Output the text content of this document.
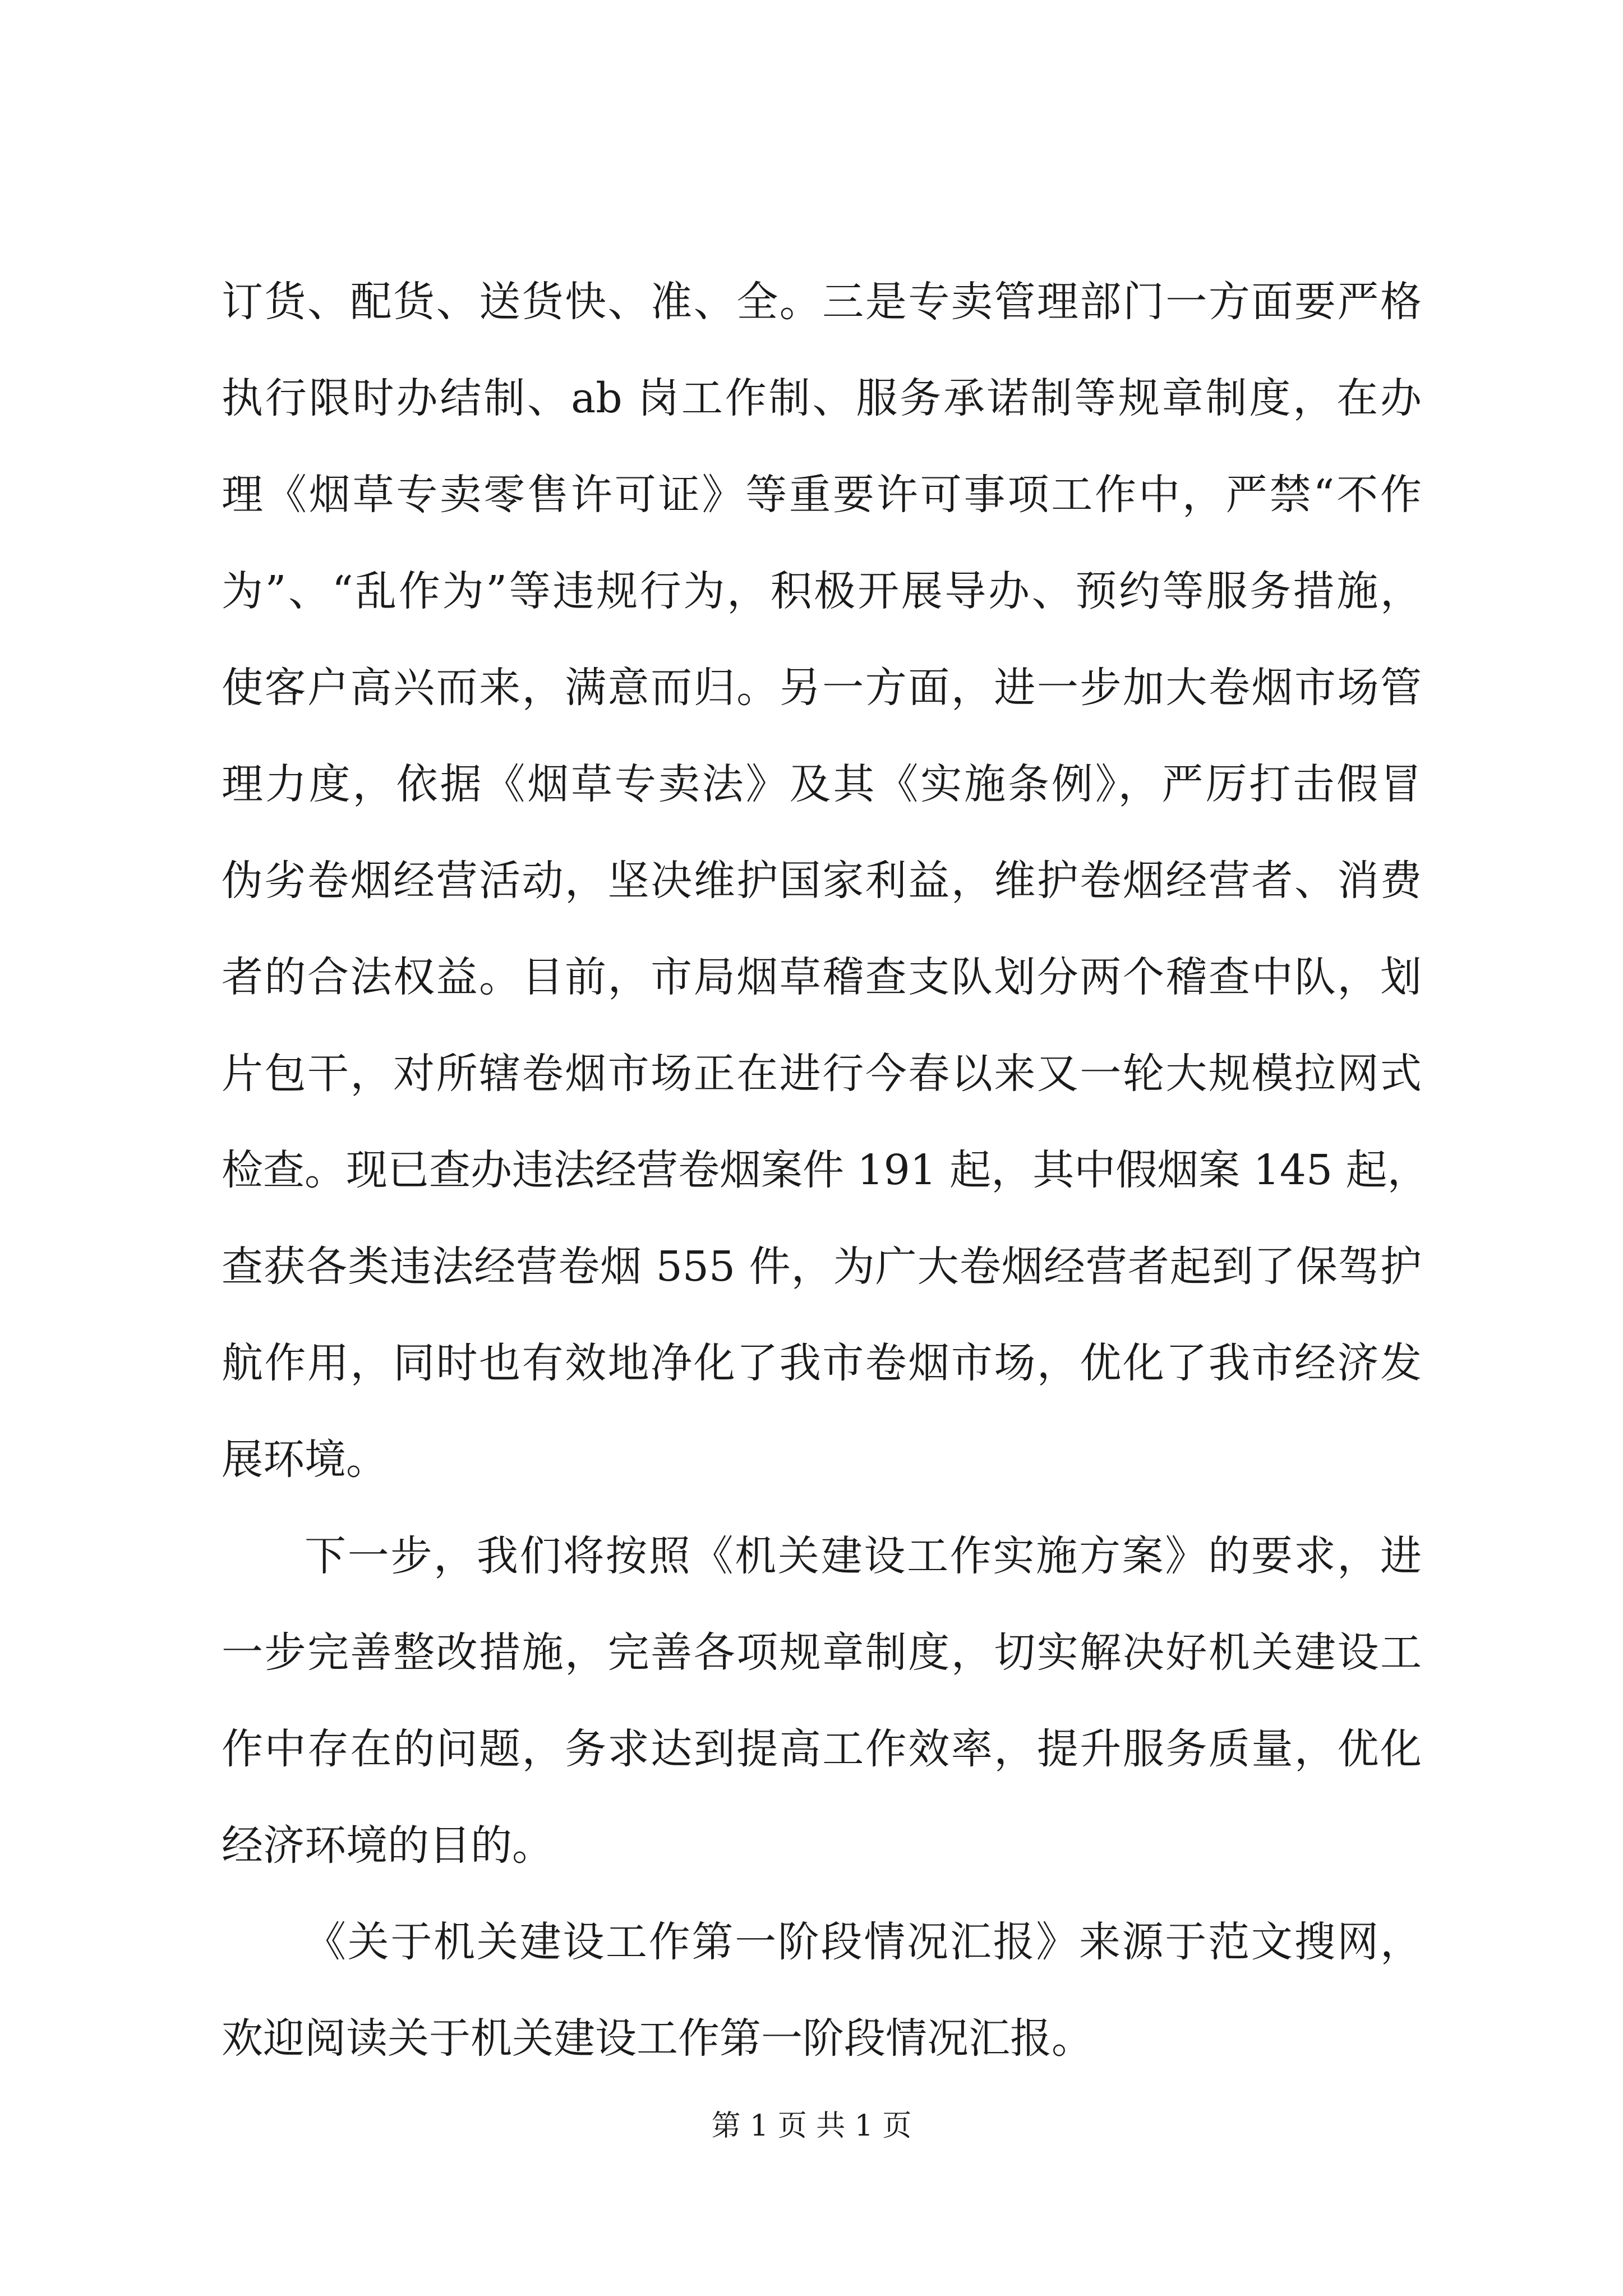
订货、配货、送货快、准、全。三是专卖管理部门一方面要严格
执行限时办结制、ab 岗工作制、服务承诺制等规章制度，在办
理《烟草专卖零售许可证》等重要许可事项工作中，严禁“不作
为”、“乱作为”等违规行为，积极开展导办、预约等服务措施，
使客户高兴而来，满意而归。另一方面，进一步加大卷烟市场管
理力度，依据《烟草专卖法》及其《实施条例》，严厉打击假冒
伪劣卷烟经营活动，坚决维护国家利益，维护卷烟经营者、消费
者的合法权益。目前，市局烟草稽查支队划分两个稽查中队，划
片包干，对所辖卷烟市场正在进行今春以来又一轮大规模拉网式
检查。现已查办违法经营卷烟案件 191 起，其中假烟案 145 起，
查获各类违法经营卷烟 555 件，为广大卷烟经营者起到了保驾护
航作用，同时也有效地净化了我市卷烟市场，优化了我市经济发
展环境。
下一步，我们将按照《机关建设工作实施方案》的要求，进
一步完善整改措施，完善各项规章制度，切实解决好机关建设工
作中存在的问题，务求达到提高工作效率，提升服务质量，优化
经济环境的目的。
《关于机关建设工作第一阶段情况汇报》来源于范文搜网，
欢迎阅读关于机关建设工作第一阶段情况汇报。
第 1 页 共 1 页
